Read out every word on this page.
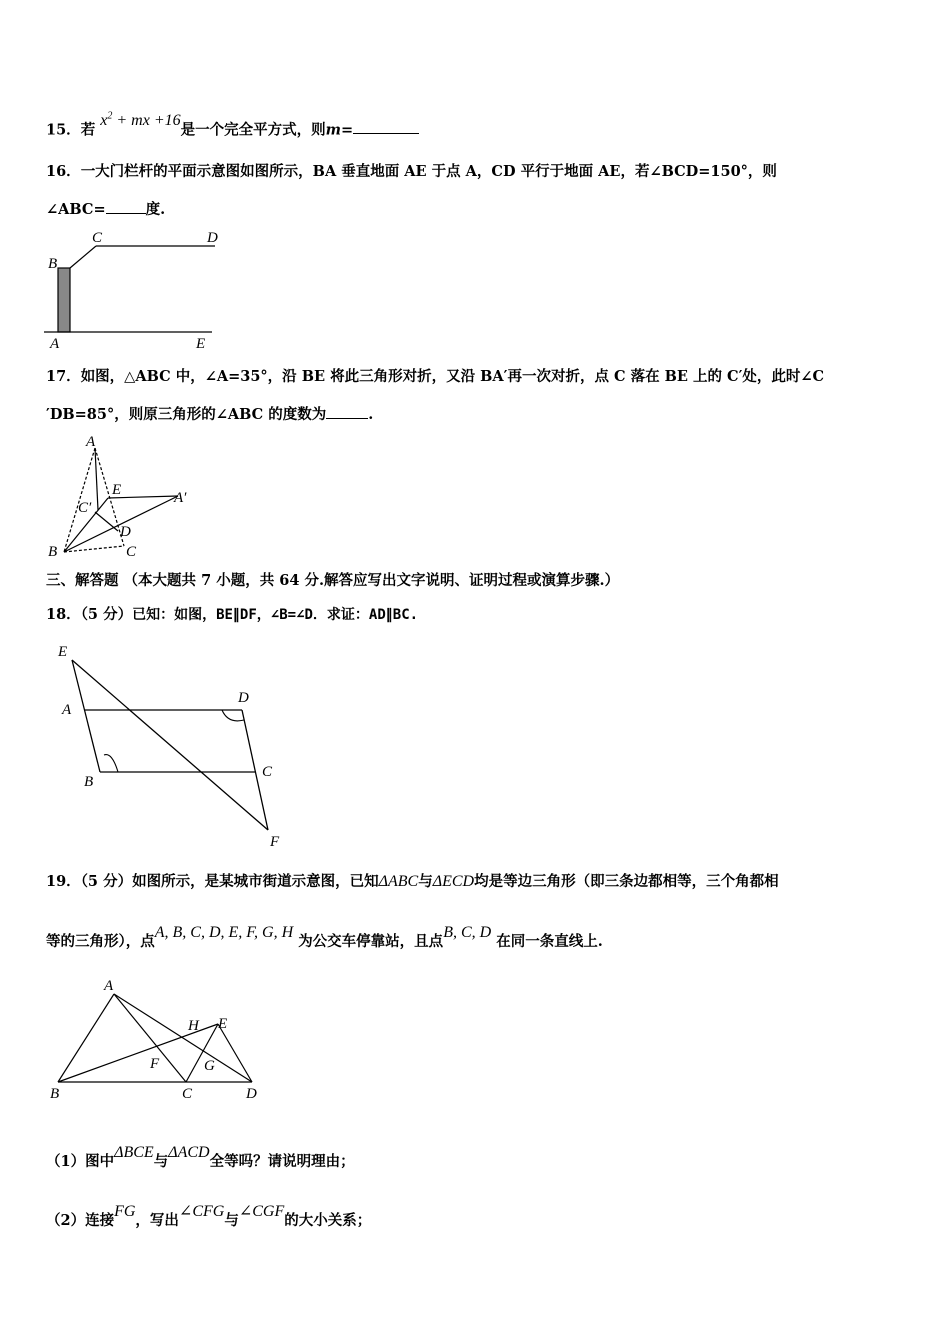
15．若 $x^2$ + mx +16是一个完全平方式，则m=
16．一大门栏杆的平面示意图如图所示，BA 垂直地面 AE 于点 A，CD 平行于地面 AE，若∠BCD=150°，则
∠ABC=	度.
B
C	D
A	E
17．如图，△ABC 中，∠A=35°，沿 BE 将此三角形对折，又沿 BA′再一次对折，点 C 落在 BE 上的 C′处，此时∠C
′DB=85°，则原三角形的∠ABC 的度数为	.
A
E	A′
C′
D
B	C
三、解答题 （本大题共 7 小题，共 64 分.解答应写出文字说明、证明过程或演算步骤.）
18．（5 分）已知：如图，BE∥DF，∠B=∠D．求证：AD∥BC.
E
A
D
B
C
F
19．（5 分）如图所示，是某城市街道示意图，已知ΔABC与ΔECD均是等边三角形（即三条边都相等，三个角都相
等的三角形），点A, B, C, D, E, F, G, H 为公交车停靠站，且点B, C, D 在同一条直线上.
A
H E
F	G
B	C	D
（1）图中ΔBCE与ΔACD全等吗？请说明理由；
（2）连接FG，写出∠CFG与∠CGF的大小关系；
